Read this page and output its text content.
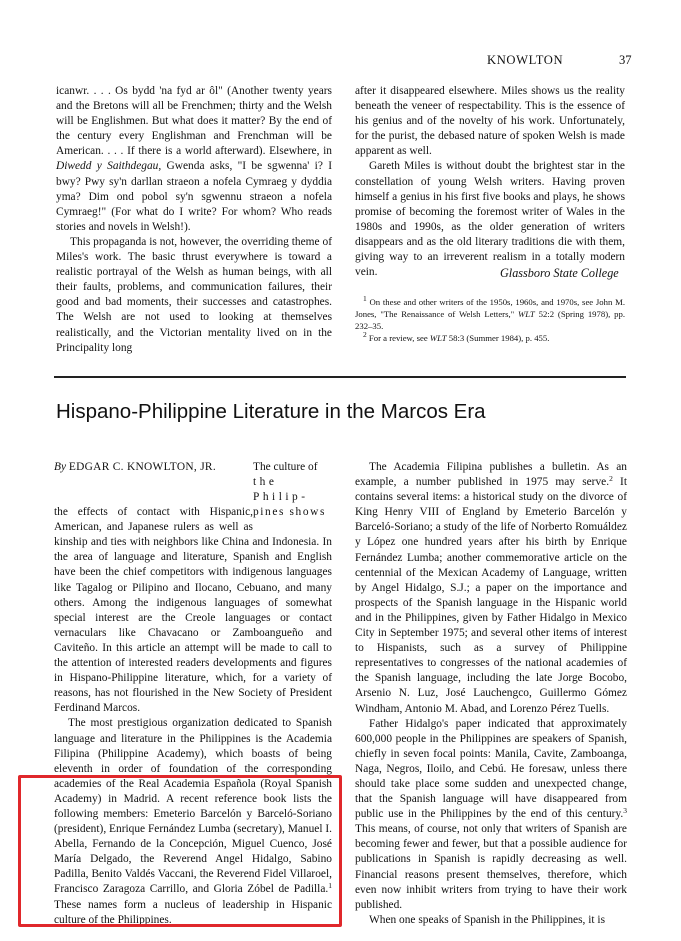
KNOWLTON	37

icanwr. . . . Os bydd 'na fyd ar ôl" (Another twenty years and the Bretons will all be Frenchmen; thirty and the Welsh will be Englishmen. But what does it matter? By the end of the century every Englishman and Frenchman will be American. . . . If there is a world afterward). Elsewhere, in Diwedd y Saithdegau, Gwenda asks, "I be sgwenna' i? I bwy? Pwy sy'n darllan straeon a nofela Cymraeg y dyddia yma? Dim ond pobol sy'n sgwennu straeon a nofela Cymraeg!" (For what do I write? For whom? Who reads stories and novels in Welsh!).

This propaganda is not, however, the overriding theme of Miles's work. The basic thrust everywhere is toward a realistic portrayal of the Welsh as human beings, with all their faults, problems, and communication failures, their good and bad moments, their successes and catastrophes. The Welsh are not used to looking at themselves realistically, and the Victorian mentality lived on in the Principality long

after it disappeared elsewhere. Miles shows us the reality beneath the veneer of respectability. This is the essence of his genius and of the novelty of his work. Unfortunately, for the purist, the debased nature of spoken Welsh is made apparent as well.

Gareth Miles is without doubt the brightest star in the constellation of young Welsh writers. Having proven himself a genius in his first five books and plays, he shows promise of becoming the foremost writer of Wales in the 1980s and 1990s, as the older generation of writers disappears and as the old literary traditions die with them, giving way to an irreverent realism in a totally modern vein.	Glassboro State College

$^1$ On these and other writers of the 1950s, 1960s, and 1970s, see John M. Jones, "The Renaissance of Welsh Letters," WLT 52:2 (Spring 1978), pp. 232–35.

$^2$ For a review, see WLT 58:3 (Summer 1984), p. 455.

Hispano-Philippine Literature in the Marcos Era
The culture of
the Philip-
pines shows
By EDGAR C. KNOWLTON, JR.

the effects of contact with Hispanic, American, and Japanese rulers as well as kinship and ties with neighbors like China and Indonesia. In the area of language and literature, Spanish and English have been the chief competitors with indigenous languages like Tagalog or Pilipino and Ilocano, Cebuano, and many others. Among the indigenous languages of somewhat special interest are the Creole languages or contact vernaculars like Chavacano or Zamboangueño and Caviteño. In this article an attempt will be made to call to the attention of interested readers developments and figures in Hispano-Philippine literature, which, for a variety of reasons, has not flourished in the New Society of President Ferdinand Marcos.

The most prestigious organization dedicated to Spanish language and literature in the Philippines is the Academia Filipina (Philippine Academy), which boasts of being eleventh in order of foundation of the corresponding academies of the Real Academia Española (Royal Spanish Academy) in Madrid. A recent reference book lists the following members: Emeterio Barcelón y Barceló-Soriano (president), Enrique Fernández Lumba (secretary), Manuel I. Abella, Fernando de la Concepción, Miguel Cuenco, José María Delgado, the Reverend Angel Hidalgo, Sabino Padilla, Benito Valdés Vaccani, the Reverend Fidel Villaroel, Francisco Zaragoza Carrillo, and Gloria Zóbel de Padilla.$^1$ These names form a nucleus of leadership in Hispanic culture of the Philippines.

The Academia Filipina publishes a bulletin. As an example, a number published in 1975 may serve.$^2$ It contains several items: a historical study on the divorce of King Henry VIII of England by Emeterio Barcelón y Barceló-Soriano; a study of the life of Norberto Romuáldez y López one hundred years after his birth by Enrique Fernández Lumba; another commemorative article on the centennial of the Mexican Academy of Language, written by Angel Hidalgo, S.J.; a paper on the importance and prospects of the Spanish language in the Hispanic world and in the Philippines, given by Father Hidalgo in Mexico City in September 1975; and several other items of interest to Hispanists, such as a survey of Philippine representatives to congresses of the national academies of the Spanish language, including the late Jorge Bocobo, Arsenio N. Luz, José Lauchengco, Guillermo Gómez Windham, Antonio M. Abad, and Lorenzo Pérez Tuells.

Father Hidalgo's paper indicated that approximately 600,000 people in the Philippines are speakers of Spanish, chiefly in seven focal points: Manila, Cavite, Zamboanga, Naga, Negros, Iloilo, and Cebú. He foresaw, unless there should take place some sudden and unexpected change, that the Spanish language will have disappeared from public use in the Philippines by the end of this century.$^3$ This means, of course, not only that writers of Spanish are becoming fewer and fewer, but that a possible audience for publications in Spanish is rapidly decreasing as well. Financial reasons present themselves, therefore, which even now inhibit writers from trying to have their work published.

When one speaks of Spanish in the Philippines, it is
